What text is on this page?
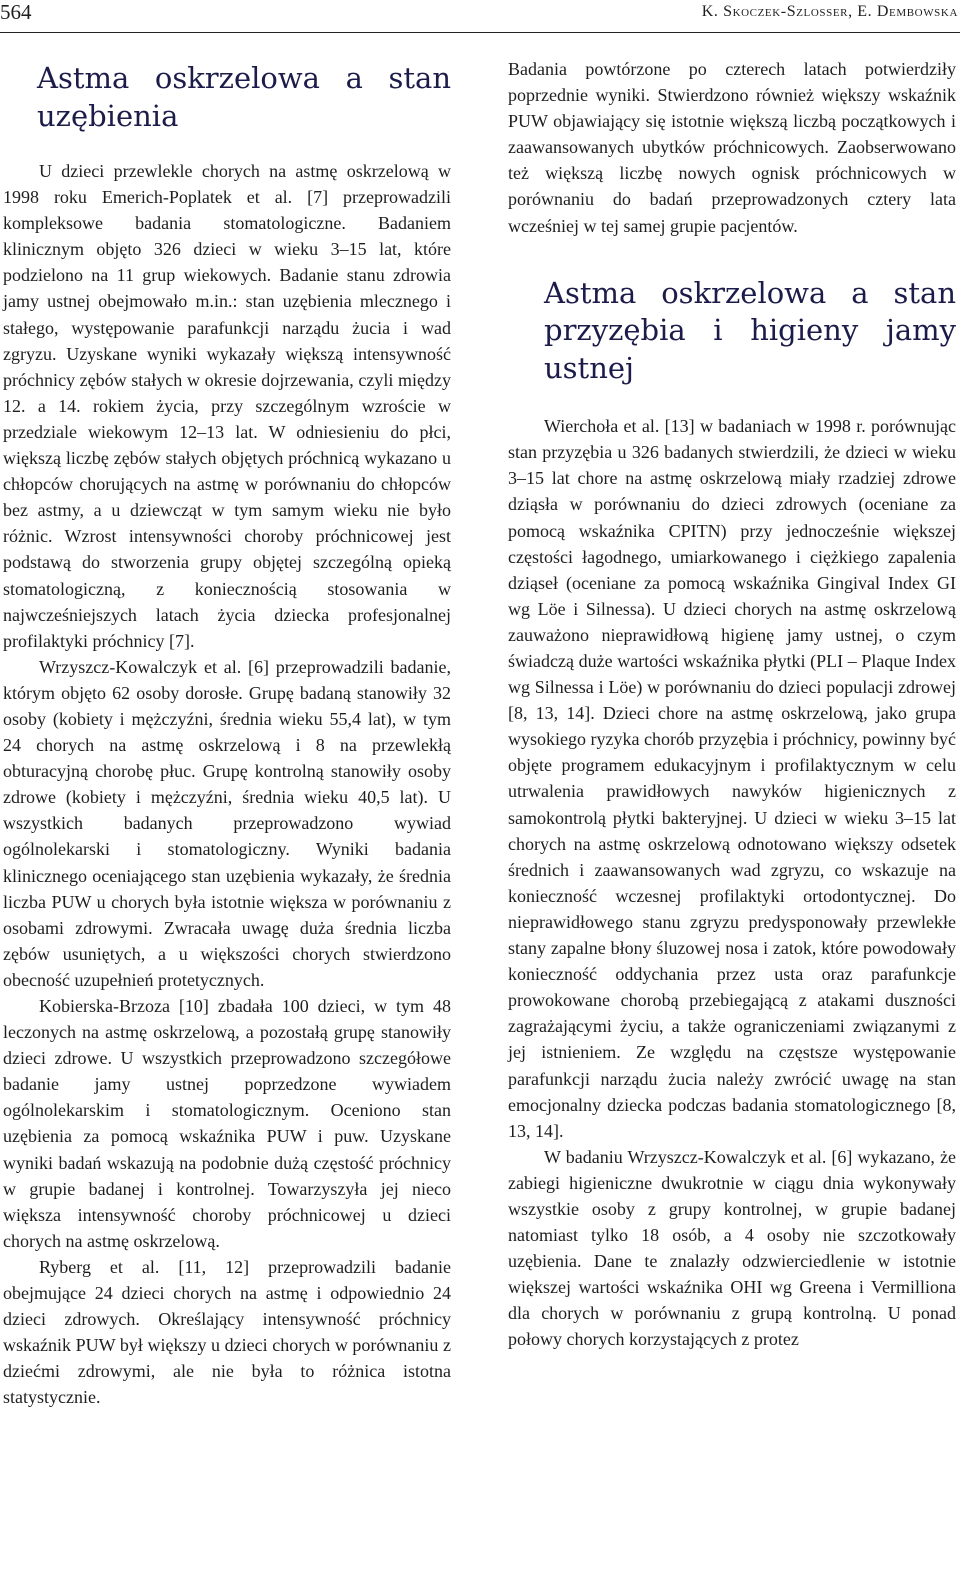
564	K. Skoczek-Szlosser, E. Dembowska
Astma oskrzelowa a stan uzębienia

U dzieci przewlekle chorych na astmę oskrzelową w 1998 roku Emerich-Poplatek et al. [7] przeprowadzili kompleksowe badania stomatologiczne. Badaniem klinicznym objęto 326 dzieci w wieku 3–15 lat, które podzielono na 11 grup wiekowych. Badanie stanu zdrowia jamy ustnej obejmowało m.in.: stan uzębienia mlecznego i stałego, występowanie parafunkcji narządu żucia i wad zgryzu. Uzyskane wyniki wykazały większą intensywność próchnicy zębów stałych w okresie dojrzewania, czyli między 12. a 14. rokiem życia, przy szczególnym wzroście w przedziale wiekowym 12–13 lat. W odniesieniu do płci, większą liczbę zębów stałych objętych próchnicą wykazano u chłopców chorujących na astmę w porównaniu do chłopców bez astmy, a u dziewcząt w tym samym wieku nie było różnic. Wzrost intensywności choroby próchnicowej jest podstawą do stworzenia grupy objętej szczególną opieką stomatologiczną, z koniecznością stosowania w najwcześniejszych latach życia dziecka profesjonalnej profilaktyki próchnicy [7].

Wrzyszcz-Kowalczyk et al. [6] przeprowadzili badanie, którym objęto 62 osoby dorosłe. Grupę badaną stanowiły 32 osoby (kobiety i mężczyźni, średnia wieku 55,4 lat), w tym 24 chorych na astmę oskrzelową i 8 na przewlekłą obturacyjną chorobę płuc. Grupę kontrolną stanowiły osoby zdrowe (kobiety i mężczyźni, średnia wieku 40,5 lat). U wszystkich badanych przeprowadzono wywiad ogólnolekarski i stomatologiczny. Wyniki badania klinicznego oceniającego stan uzębienia wykazały, że średnia liczba PUW u chorych była istotnie większa w porównaniu z osobami zdrowymi. Zwracała uwagę duża średnia liczba zębów usuniętych, a u większości chorych stwierdzono obecność uzupełnień protetycznych.

Kobierska-Brzoza [10] zbadała 100 dzieci, w tym 48 leczonych na astmę oskrzelową, a pozostałą grupę stanowiły dzieci zdrowe. U wszystkich przeprowadzono szczegółowe badanie jamy ustnej poprzedzone wywiadem ogólnolekarskim i stomatologicznym. Oceniono stan uzębienia za pomocą wskaźnika PUW i puw. Uzyskane wyniki badań wskazują na podobnie dużą częstość próchnicy w grupie badanej i kontrolnej. Towarzyszyła jej nieco większa intensywność choroby próchnicowej u dzieci chorych na astmę oskrzelową.

Ryberg et al. [11, 12] przeprowadzili badanie obejmujące 24 dzieci chorych na astmę i odpowiednio 24 dzieci zdrowych. Określający intensywność próchnicy wskaźnik PUW był większy u dzieci chorych w porównaniu z dziećmi zdrowymi, ale nie była to różnica istotna statystycznie.

Badania powtórzone po czterech latach potwierdziły poprzednie wyniki. Stwierdzono również większy wskaźnik PUW objawiający się istotnie większą liczbą początkowych i zaawansowanych ubytków próchnicowych. Zaobserwowano też większą liczbę nowych ognisk próchnicowych w porównaniu do badań przeprowadzonych cztery lata wcześniej w tej samej grupie pacjentów.

Astma oskrzelowa a stan przyzębia i higieny jamy ustnej

Wierchoła et al. [13] w badaniach w 1998 r. porównując stan przyzębia u 326 badanych stwierdzili, że dzieci w wieku 3–15 lat chore na astmę oskrzelową miały rzadziej zdrowe dziąsła w porównaniu do dzieci zdrowych (oceniane za pomocą wskaźnika CPITN) przy jednocześnie większej częstości łagodnego, umiarkowanego i ciężkiego zapalenia dziąseł (oceniane za pomocą wskaźnika Gingival Index GI wg Löe i Silnessa). U dzieci chorych na astmę oskrzelową zauważono nieprawidłową higienę jamy ustnej, o czym świadczą duże wartości wskaźnika płytki (PLI – Plaque Index wg Silnessa i Löe) w porównaniu do dzieci populacji zdrowej [8, 13, 14]. Dzieci chore na astmę oskrzelową, jako grupa wysokiego ryzyka chorób przyzębia i próchnicy, powinny być objęte programem edukacyjnym i profilaktycznym w celu utrwalenia prawidłowych nawyków higienicznych z samokontrolą płytki bakteryjnej. U dzieci w wieku 3–15 lat chorych na astmę oskrzelową odnotowano większy odsetek średnich i zaawansowanych wad zgryzu, co wskazuje na konieczność wczesnej profilaktyki ortodontycznej. Do nieprawidłowego stanu zgryzu predysponowały przewlekłe stany zapalne błony śluzowej nosa i zatok, które powodowały konieczność oddychania przez usta oraz parafunkcje prowokowane chorobą przebiegającą z atakami duszności zagrażającymi życiu, a także ograniczeniami związanymi z jej istnieniem. Ze względu na częstsze występowanie parafunkcji narządu żucia należy zwrócić uwagę na stan emocjonalny dziecka podczas badania stomatologicznego [8, 13, 14].

W badaniu Wrzyszcz-Kowalczyk et al. [6] wykazano, że zabiegi higieniczne dwukrotnie w ciągu dnia wykonywały wszystkie osoby z grupy kontrolnej, w grupie badanej natomiast tylko 18 osób, a 4 osoby nie szczotkowały uzębienia. Dane te znalazły odzwierciedlenie w istotnie większej wartości wskaźnika OHI wg Greena i Vermilliona dla chorych w porównaniu z grupą kontrolną. U ponad połowy chorych korzystających z protez
